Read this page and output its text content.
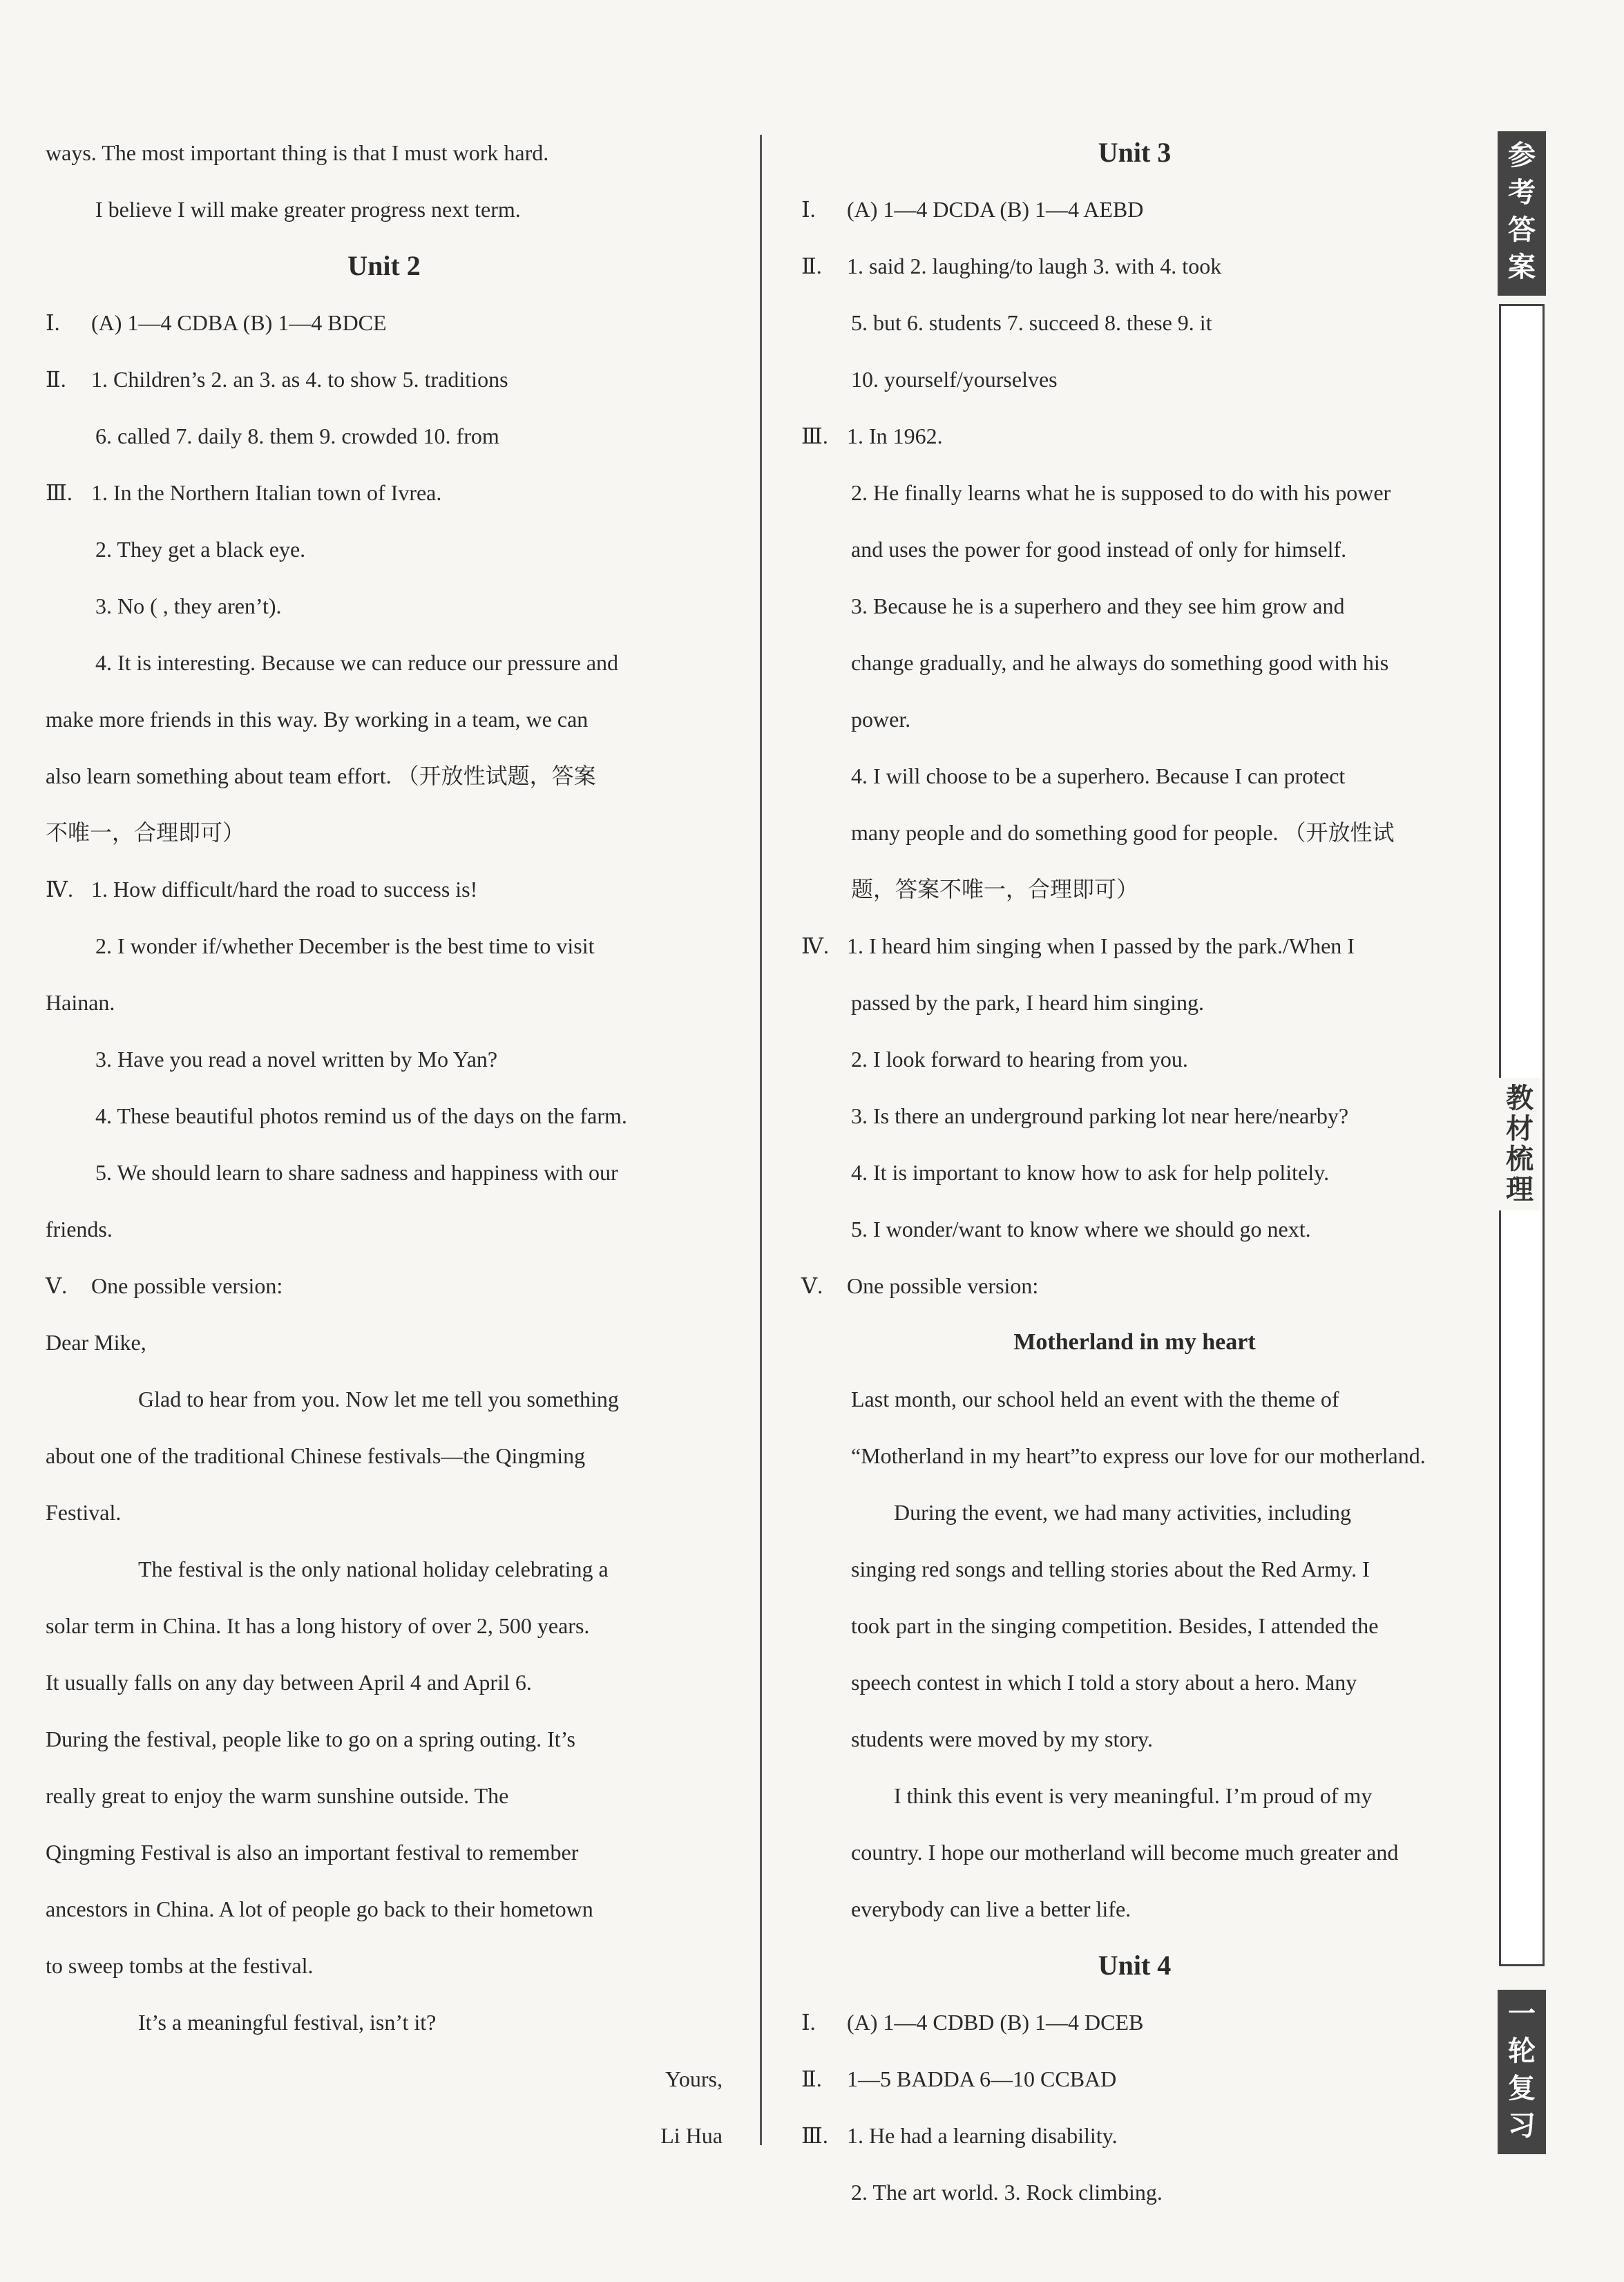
ways. The most important thing is that I must work hard.
I believe I will make greater progress next term.
Unit 2
Ⅰ. (A) 1—4 CDBA (B) 1—4 BDCE
Ⅱ. 1. Children’s 2. an 3. as 4. to show 5. traditions
6. called 7. daily 8. them 9. crowded 10. from
Ⅲ. 1. In the Northern Italian town of Ivrea.
2. They get a black eye.
3. No ( , they aren’t).
4. It is interesting. Because we can reduce our pressure and
make more friends in this way. By working in a team, we can
also learn something about team effort. （开放性试题，答案
不唯一，合理即可）
Ⅳ. 1. How difficult/hard the road to success is!
2. I wonder if/whether December is the best time to visit
Hainan.
3. Have you read a novel written by Mo Yan?
4. These beautiful photos remind us of the days on the farm.
5. We should learn to share sadness and happiness with our
friends.
Ⅴ. One possible version:
Dear Mike,
Glad to hear from you. Now let me tell you something
about one of the traditional Chinese festivals—the Qingming
Festival.
The festival is the only national holiday celebrating a
solar term in China. It has a long history of over 2, 500 years.
It usually falls on any day between April 4 and April 6.
During the festival, people like to go on a spring outing. It’s
really great to enjoy the warm sunshine outside. The
Qingming Festival is also an important festival to remember
ancestors in China. A lot of people go back to their hometown
to sweep tombs at the festival.
It’s a meaningful festival, isn’t it?
Yours,
Li Hua
Unit 3
Ⅰ. (A) 1—4 DCDA (B) 1—4 AEBD
Ⅱ. 1. said 2. laughing/to laugh 3. with 4. took
5. but 6. students 7. succeed 8. these 9. it
10. yourself/yourselves
Ⅲ. 1. In 1962.
2. He finally learns what he is supposed to do with his power
and uses the power for good instead of only for himself.
3. Because he is a superhero and they see him grow and
change gradually, and he always do something good with his
power.
4. I will choose to be a superhero. Because I can protect
many people and do something good for people. （开放性试
题，答案不唯一，合理即可）
Ⅳ. 1. I heard him singing when I passed by the park./When I
passed by the park, I heard him singing.
2. I look forward to hearing from you.
3. Is there an underground parking lot near here/nearby?
4. It is important to know how to ask for help politely.
5. I wonder/want to know where we should go next.
Ⅴ. One possible version:
Motherland in my heart
Last month, our school held an event with the theme of
“Motherland in my heart”to express our love for our motherland.
During the event, we had many activities, including
singing red songs and telling stories about the Red Army. I
took part in the singing competition. Besides, I attended the
speech contest in which I told a story about a hero. Many
students were moved by my story.
I think this event is very meaningful. I’m proud of my
country. I hope our motherland will become much greater and
everybody can live a better life.
Unit 4
Ⅰ. (A) 1—4 CDBD (B) 1—4 DCEB
Ⅱ. 1—5 BADDA 6—10 CCBAD
Ⅲ. 1. He had a learning disability.
2. The art world. 3. Rock climbing.
参
考
答
案
教
材
梳
理
一
轮
复
习
